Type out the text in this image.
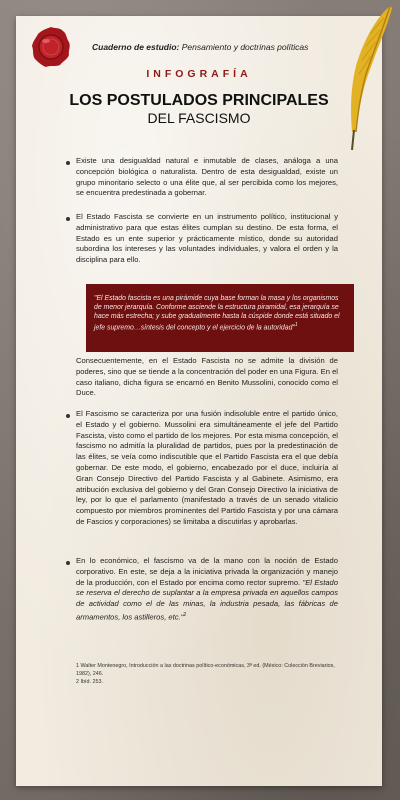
Cuaderno de estudio: Pensamiento y doctrinas políticas
INFOGRAFÍA
LOS POSTULADOS PRINCIPALES
DEL FASCISMO
Existe una desigualdad natural e inmutable de clases, análoga a una concepción biológica o naturalista. Dentro de esta desigualdad, existe un grupo minoritario selecto o una élite que, al ser percibida como los mejores, se encuentra predestinada a gobernar.
El Estado Fascista se convierte en un instrumento político, institucional y administrativo para que estas élites cumplan su destino. De esta forma, el Estado es un ente superior y prácticamente místico, donde su autoridad subordina los intereses y las voluntades individuales, y valora el orden y la disciplina para ello.
"El Estado fascista es una pirámide cuya base forman la masa y los organismos de menor jerarquía. Conforme asciende la estructura piramidal, esa jerarquía se hace más estrecha; y sube gradualmente hasta la cúspide donde está situado el jefe supremo…síntesis del concepto y el ejercicio de la autoridad"$^1$
Consecuentemente, en el Estado Fascista no se admite la división de poderes, sino que se tiende a la concentración del poder en una Figura. En el caso italiano, dicha figura se encarnó en Benito Mussolini, conocido como el Duce.
El Fascismo se caracteriza por una fusión indisoluble entre el partido único, el Estado y el gobierno. Mussolini era simultáneamente el jefe del Partido Fascista, visto como el partido de los mejores. Por esta misma concepción, el fascismo no admitía la pluralidad de partidos, pues por la predestinación de las élites, se veía como indiscutible que el Partido Fascista era el que debía gobernar. De este modo, el gobierno, encabezado por el duce, incluiría al Gran Consejo Directivo del Partido Fascista y al Gabinete. Asimismo, era atribución exclusiva del gobierno y del Gran Consejo Directivo la iniciativa de ley, por lo que el parlamento (manifestado a través de un senado vitalicio compuesto por miembros prominentes del Partido Fascista y por una cámara de Fascios y corporaciones) se limitaba a discutirlas y aprobarlas.
En lo económico, el fascismo va de la mano con la noción de Estado corporativo. En este, se deja a la iniciativa privada la organización y manejo de la producción, con el Estado por encima como rector supremo. "El Estado se reserva el derecho de suplantar a la empresa privada en aquellos campos de actividad como el de las minas, la industria pesada, las fábricas de armamentos, los astilleros, etc."$^2$
1 Walter Montenegro, Introducción a las doctrinas político-económicas, 3ª ed. (México: Colección Breviarios, 1982), 246.
2 Ibíd. 253.
